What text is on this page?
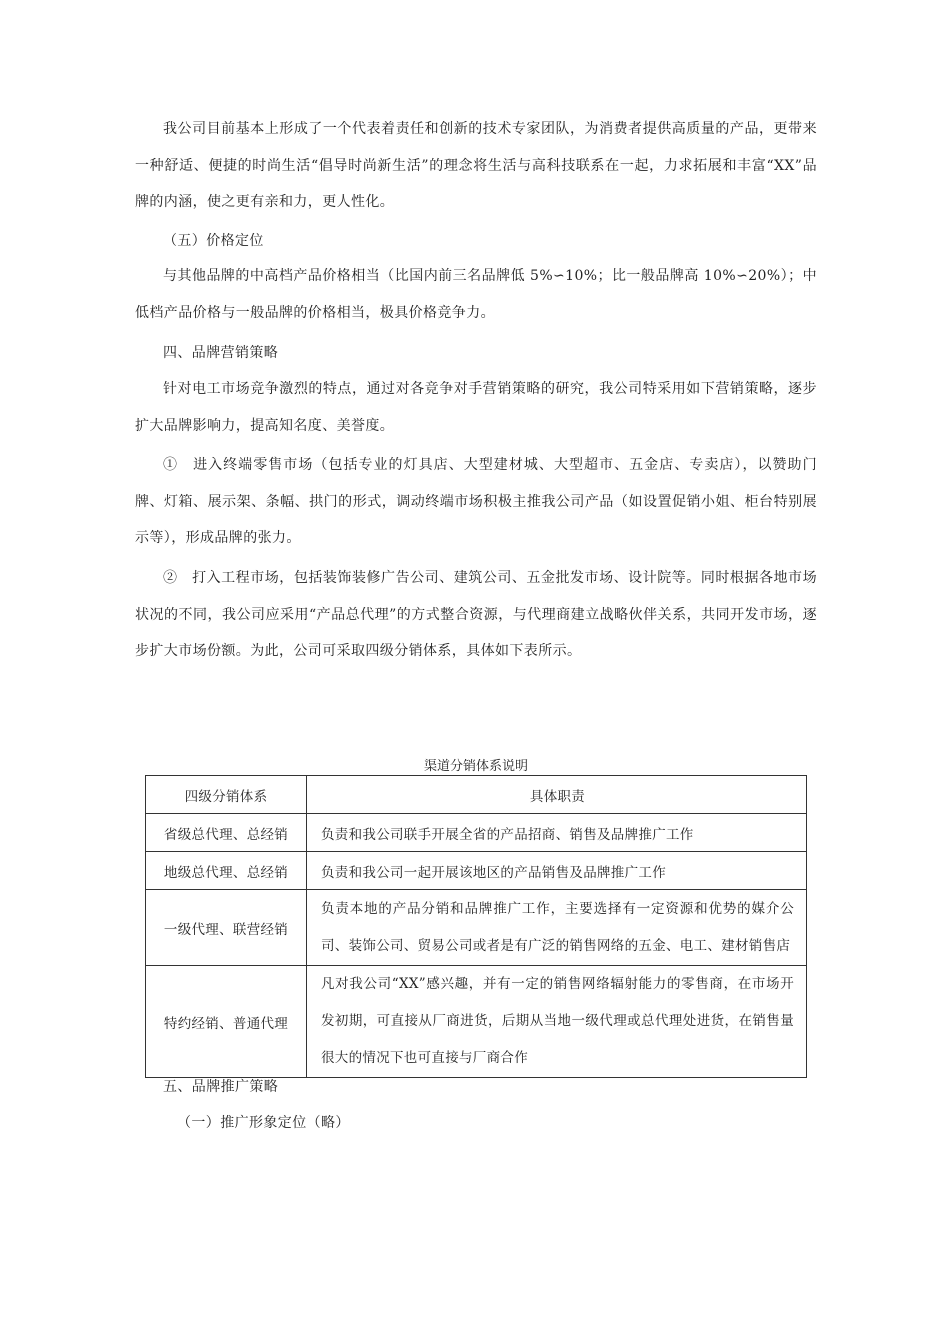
我公司目前基本上形成了一个代表着责任和创新的技术专家团队，为消费者提供高质量的产品，更带来一种舒适、便捷的时尚生活“倡导时尚新生活”的理念将生活与高科技联系在一起，力求拓展和丰富“XX”品牌的内涵，使之更有亲和力，更人性化。

（五）价格定位

与其他品牌的中高档产品价格相当（比国内前三名品牌低 5%∽10%；比一般品牌高 10%∽20%）；中低档产品价格与一般品牌的价格相当，极具价格竞争力。

四、品牌营销策略

针对电工市场竞争激烈的特点，通过对各竞争对手营销策略的研究，我公司特采用如下营销策略，逐步扩大品牌影响力，提高知名度、美誉度。

①　进入终端零售市场（包括专业的灯具店、大型建材城、大型超市、五金店、专卖店），以赞助门牌、灯箱、展示架、条幅、拱门的形式，调动终端市场积极主推我公司产品（如设置促销小姐、柜台特别展示等），形成品牌的张力。

②　打入工程市场，包括装饰装修广告公司、建筑公司、五金批发市场、设计院等。同时根据各地市场状况的不同，我公司应采用“产品总代理”的方式整合资源，与代理商建立战略伙伴关系，共同开发市场，逐步扩大市场份额。为此，公司可采取四级分销体系，具体如下表所示。

渠道分销体系说明
四级分销体系	具体职责
省级总代理、总经销	负责和我公司联手开展全省的产品招商、销售及品牌推广工作
地级总代理、总经销	负责和我公司一起开展该地区的产品销售及品牌推广工作
一级代理、联营经销	负责本地的产品分销和品牌推广工作，主要选择有一定资源和优势的媒介公司、装饰公司、贸易公司或者是有广泛的销售网络的五金、电工、建材销售店

特约经销、普通代理	凡对我公司“XX”感兴趣，并有一定的销售网络辐射能力的零售商，在市场开发初期，可直接从厂商进货，后期从当地一级代理或总代理处进货，在销售量很大的情况下也可直接与厂商合作

五、品牌推广策略

（一）推广形象定位（略）
